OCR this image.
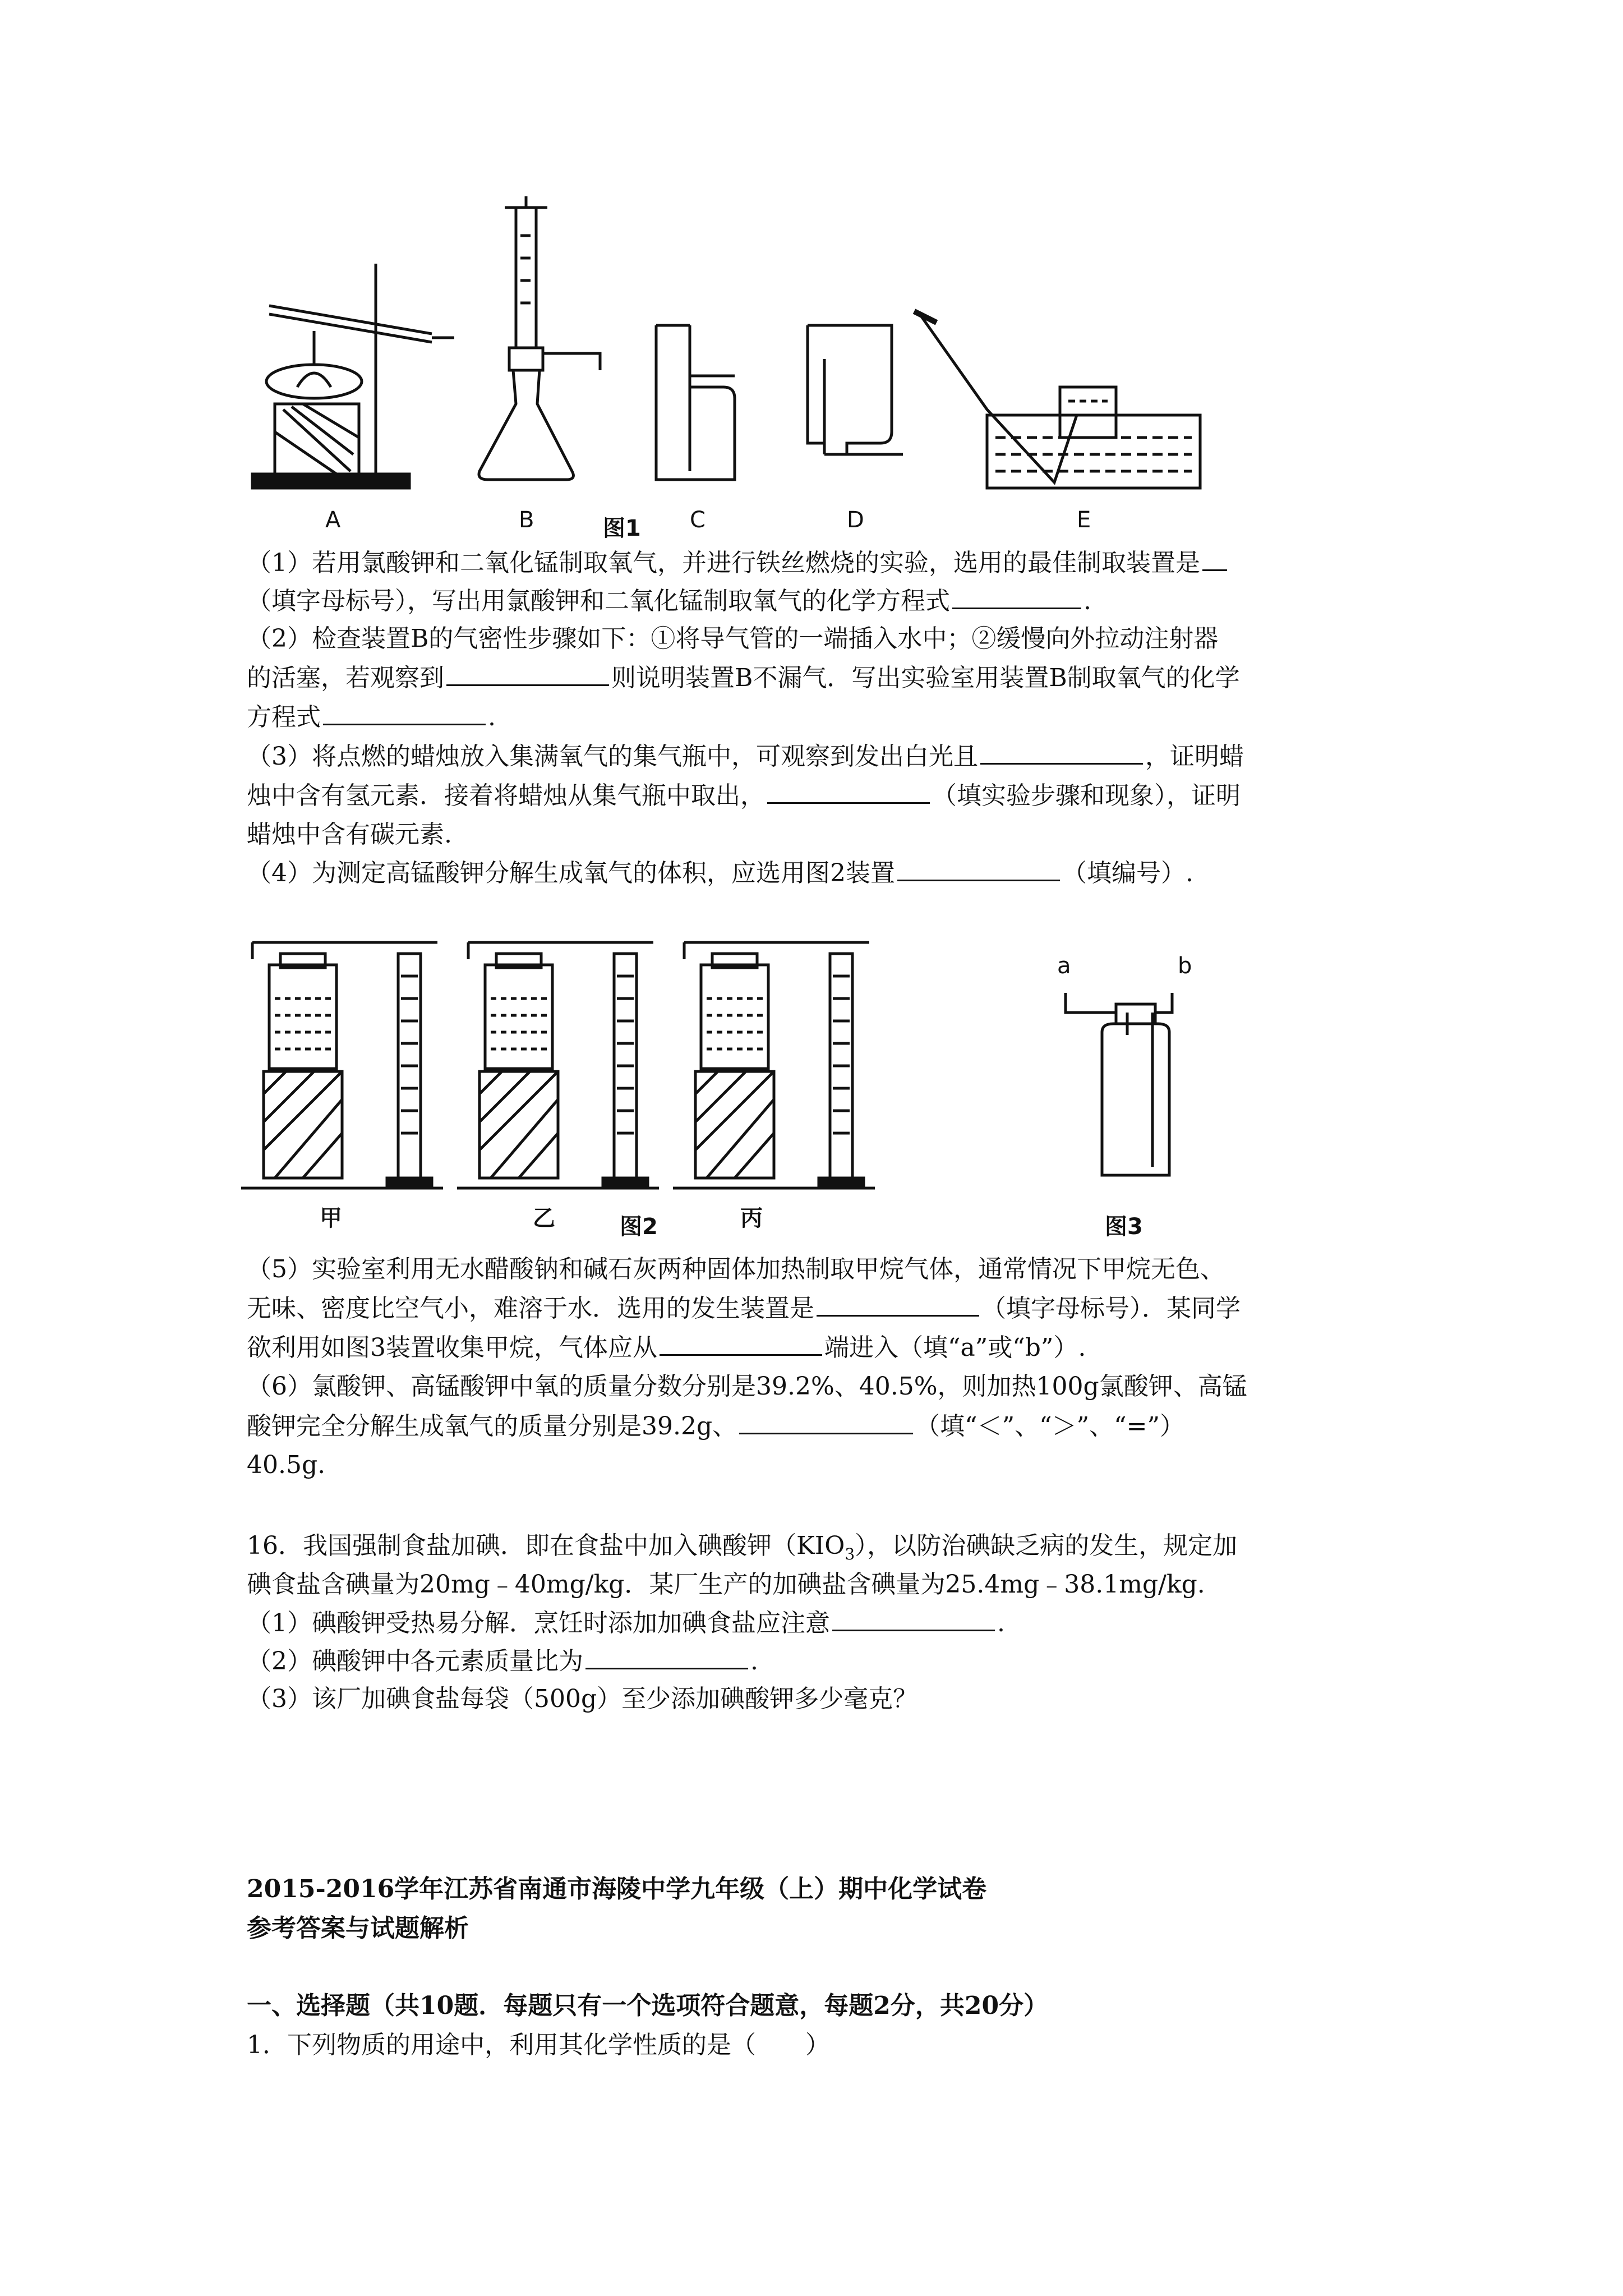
A	B	C	D	E
图1
（1）若用氯酸钾和二氧化锰制取氧气，并进行铁丝燃烧的实验，选用的最佳制取装置是
（填字母标号），写出用氯酸钾和二氧化锰制取氧气的化学方程式	.
（2）检查装置B的气密性步骤如下：①将导气管的一端插入水中；②缓慢向外拉动注射器
的活塞，若观察到	则说明装置B不漏气．写出实验室用装置B制取氧气的化学
方程式	.
（3）将点燃的蜡烛放入集满氧气的集气瓶中，可观察到发出白光且	，证明蜡
烛中含有氢元素．接着将蜡烛从集气瓶中取出，	（填实验步骤和现象），证明
蜡烛中含有碳元素.
（4）为测定高锰酸钾分解生成氧气的体积，应选用图2装置	（填编号）.
甲	乙	丙
图2	图3
a	b
（5）实验室利用无水醋酸钠和碱石灰两种固体加热制取甲烷气体，通常情况下甲烷无色、
无味、密度比空气小，难溶于水．选用的发生装置是	（填字母标号）．某同学
欲利用如图3装置收集甲烷，气体应从	端进入（填“a”或“b”）.
（6）氯酸钾、高锰酸钾中氧的质量分数分别是39.2%、40.5%，则加热100g氯酸钾、高锰
酸钾完全分解生成氧气的质量分别是39.2g、	（填“＜”、“＞”、“=”）
40.5g.
16．我国强制食盐加碘．即在食盐中加入碘酸钾$(KIO_3)$，以防治碘缺乏病的发生，规定加
碘食盐含碘量为20mg﹣40mg/kg．某厂生产的加碘盐含碘量为25.4mg﹣38.1mg/kg.
（1）碘酸钾受热易分解．烹饪时添加加碘食盐应注意	.
（2）碘酸钾中各元素质量比为	.
（3）该厂加碘食盐每袋（500g）至少添加碘酸钾多少毫克？
2015-2016学年江苏省南通市海陵中学九年级（上）期中化学试卷
参考答案与试题解析
一、选择题（共10题．每题只有一个选项符合题意，每题2分，共20分）
1．下列物质的用途中，利用其化学性质的是（　　）
